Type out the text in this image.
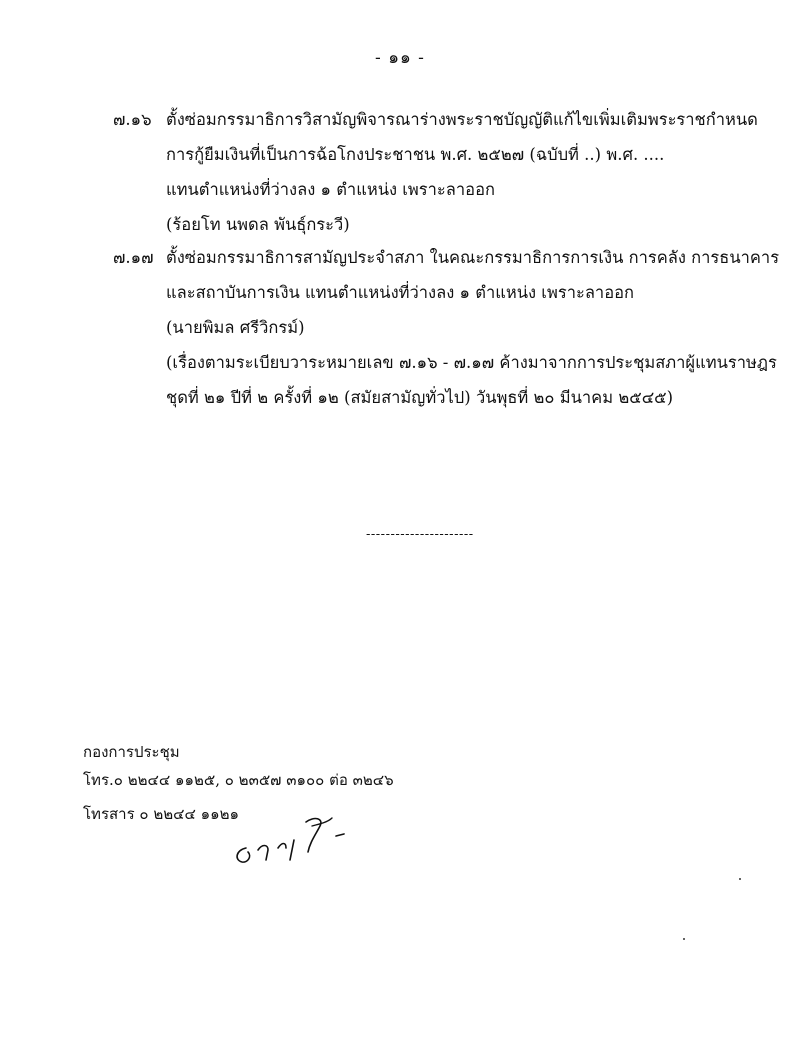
- ๑๑ -
๗.๑๖ ตั้งซ่อมกรรมาธิการวิสามัญพิจารณาร่างพระราชบัญญัติแก้ไขเพิ่มเติมพระราชกำหนด
การกู้ยืมเงินที่เป็นการฉ้อโกงประชาชน พ.ศ. ๒๕๒๗ (ฉบับที่ ..) พ.ศ. ....
แทนตำแหน่งที่ว่างลง ๑ ตำแหน่ง เพราะลาออก
(ร้อยโท นพดล พันธุ์กระวี)
๗.๑๗ ตั้งซ่อมกรรมาธิการสามัญประจำสภา ในคณะกรรมาธิการการเงิน การคลัง การธนาคาร
และสถาบันการเงิน แทนตำแหน่งที่ว่างลง ๑ ตำแหน่ง เพราะลาออก
(นายพิมล ศรีวิกรม์)
(เรื่องตามระเบียบวาระหมายเลข ๗.๑๖ - ๗.๑๗ ค้างมาจากการประชุมสภาผู้แทนราษฎร
ชุดที่ ๒๑ ปีที่ ๒ ครั้งที่ ๑๒ (สมัยสามัญทั่วไป) วันพุธที่ ๒๐ มีนาคม ๒๕๔๕)
----------------------
กองการประชุม
โทร.๐ ๒๒๔๔ ๑๑๒๕, ๐ ๒๓๕๗ ๓๑๐๐ ต่อ ๓๒๔๖
โทรสาร ๐ ๒๒๔๔ ๑๑๒๑
